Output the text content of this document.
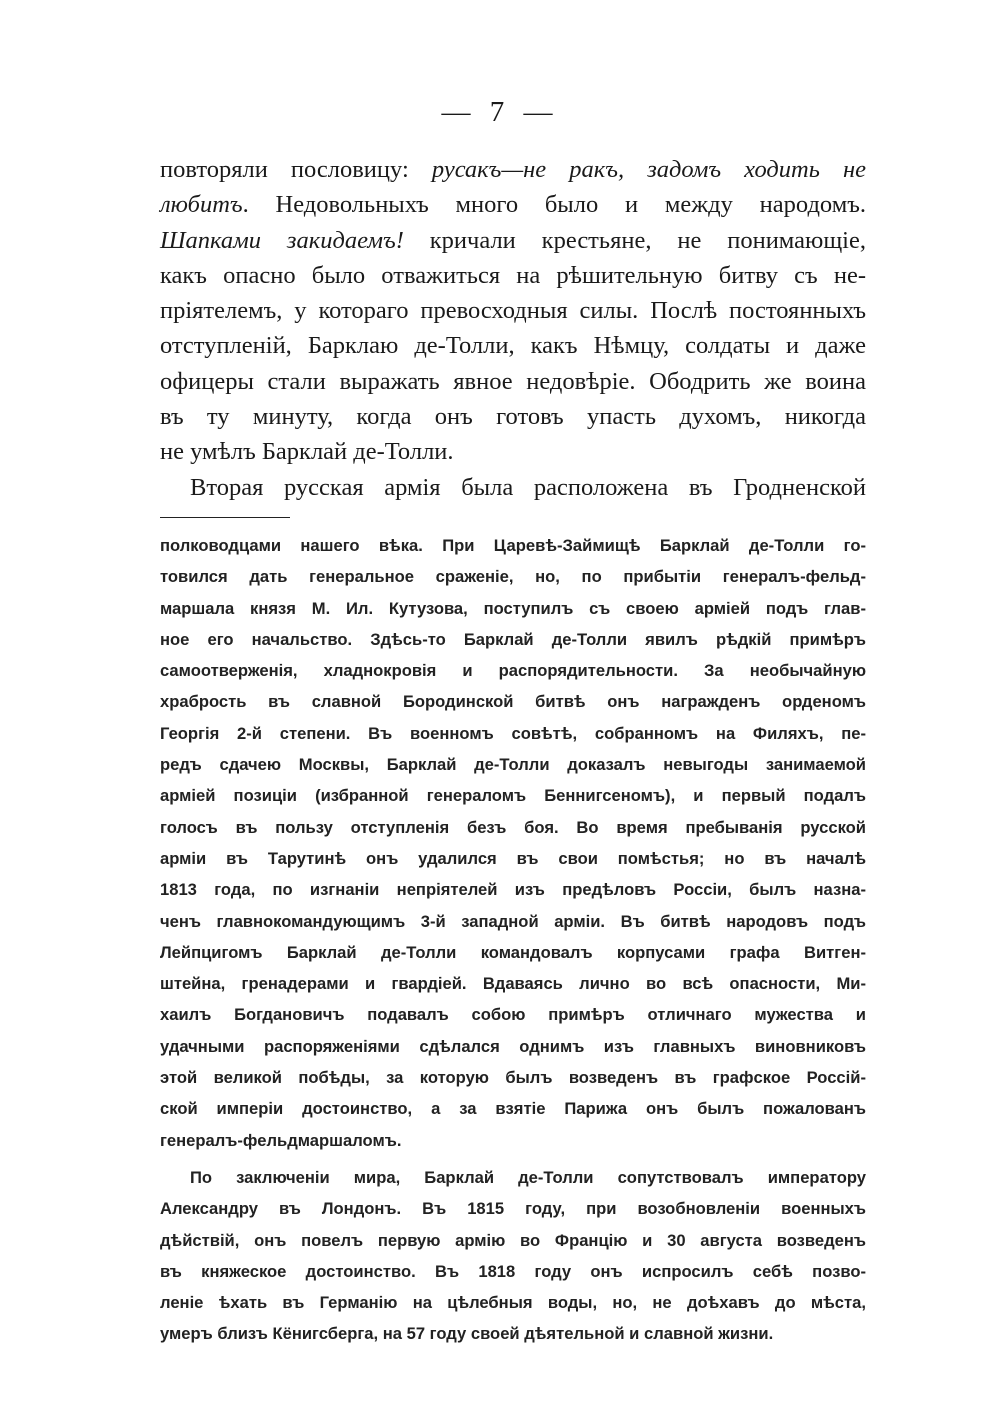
— 7 —
повторяли пословицу: русакъ—не ракъ, задомъ ходить не
любитъ. Недовольныхъ много было и между народомъ.
Шапками закидаемъ! кричали крестьяне, не понимающіе,
какъ опасно было отважиться на рѣшительную битву съ не-
пріятелемъ, у котораго превосходныя силы. Послѣ постоянныхъ
отступленій, Барклаю де-Толли, какъ Нѣмцу, солдаты и даже
офицеры стали выражать явное недовѣріе. Ободрить же воина
въ ту минуту, когда онъ готовъ упасть духомъ, никогда
не умѣлъ Барклай де-Толли.
Вторая русская армія была расположена въ Гродненской
полководцами нашего вѣка. При Царевѣ-Займищѣ Барклай де-Толли го-
товился дать генеральное сраженіе, но, по прибытіи генералъ-фельд-
маршала князя М. Ил. Кутузова, поступилъ съ своею арміей подъ глав-
ное его начальство. Здѣсь-то Барклай де-Толли явилъ рѣдкій примѣръ
самоотверженія, хладнокровія и распорядительности. За необычайную
храбрость въ славной Бородинской битвѣ онъ награжденъ орденомъ
Георгія 2-й степени. Въ военномъ совѣтѣ, собранномъ на Филяхъ, пе-
редъ сдачею Москвы, Барклай де-Толли доказалъ невыгоды занимаемой
арміей позиціи (избранной генераломъ Беннигсеномъ), и первый подалъ
голосъ въ пользу отступленія безъ боя. Во время пребыванія русской
арміи въ Тарутинѣ онъ удалился въ свои помѣстья; но въ началѣ
1813 года, по изгнаніи непріятелей изъ предѣловъ Россіи, былъ назна-
ченъ главнокомандующимъ 3-й западной арміи. Въ битвѣ народовъ подъ
Лейпцигомъ Барклай де-Толли командовалъ корпусами графа Витген-
штейна, гренадерами и гвардіей. Вдаваясь лично во всѣ опасности, Ми-
хаилъ Богдановичъ подавалъ собою примѣръ отличнаго мужества и
удачными распоряженіями сдѣлался однимъ изъ главныхъ виновниковъ
этой великой побѣды, за которую былъ возведенъ въ графское Россій-
ской имперіи достоинство, а за взятіе Парижа онъ былъ пожалованъ
генералъ-фельдмаршаломъ.
По заключеніи мира, Барклай де-Толли сопутствовалъ императору
Александру въ Лондонъ. Въ 1815 году, при возобновленіи военныхъ
дѣйствій, онъ повелъ первую армію во Францію и 30 августа возведенъ
въ княжеское достоинство. Въ 1818 году онъ испросилъ себѣ позво-
леніе ѣхать въ Германію на цѣлебныя воды, но, не доѣхавъ до мѣста,
умеръ близъ Кёнигсберга, на 57 году своей дѣятельной и славной жизни.
